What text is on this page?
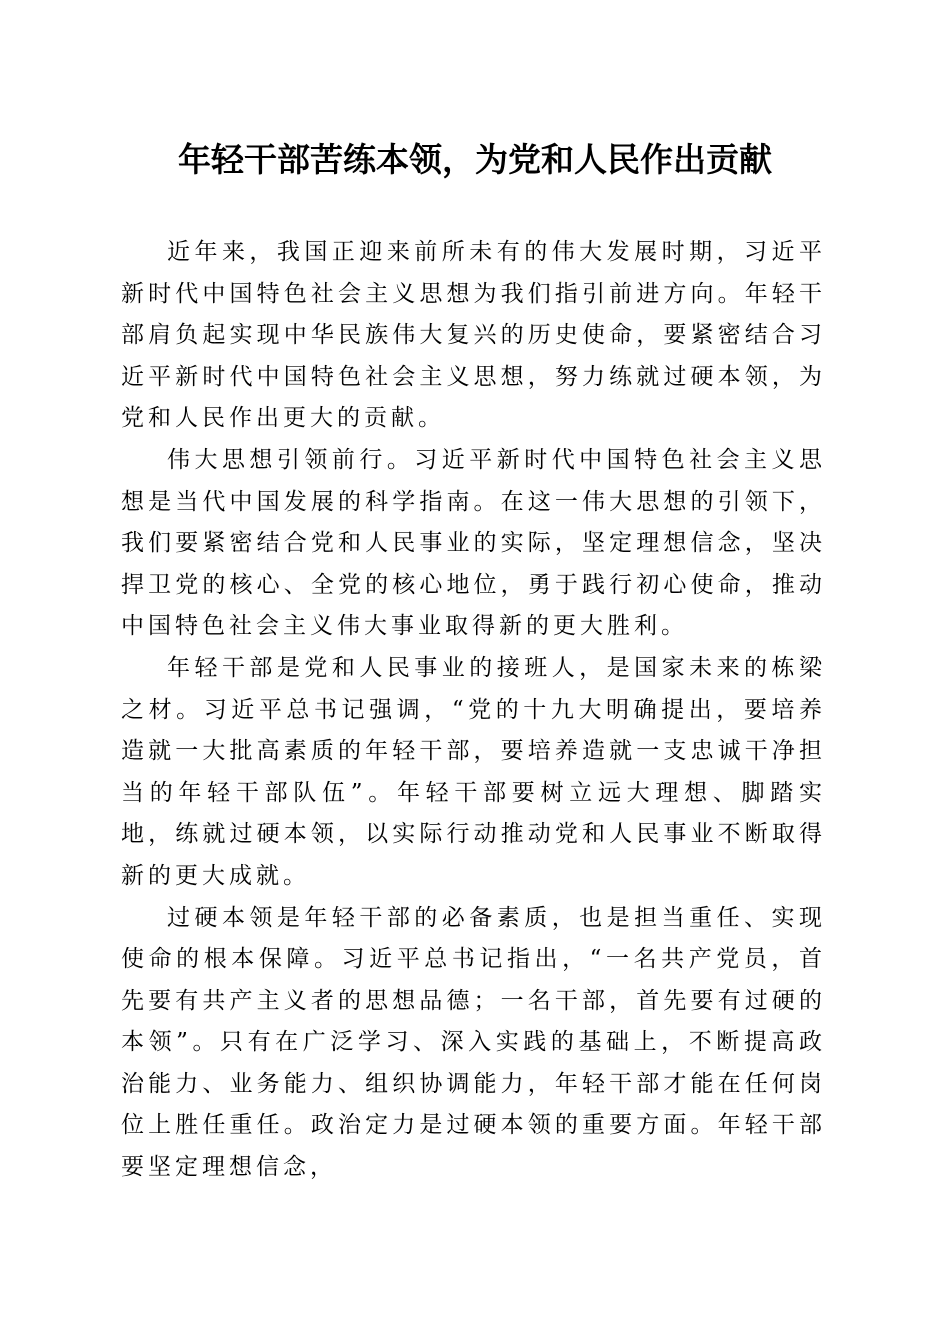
年轻干部苦练本领，为党和人民作出贡献

近年来，我国正迎来前所未有的伟大发展时期，习近平新时代中国特色社会主义思想为我们指引前进方向。年轻干部肩负起实现中华民族伟大复兴的历史使命，要紧密结合习近平新时代中国特色社会主义思想，努力练就过硬本领，为党和人民作出更大的贡献。

伟大思想引领前行。习近平新时代中国特色社会主义思想是当代中国发展的科学指南。在这一伟大思想的引领下，我们要紧密结合党和人民事业的实际，坚定理想信念，坚决捍卫党的核心、全党的核心地位，勇于践行初心使命，推动中国特色社会主义伟大事业取得新的更大胜利。

年轻干部是党和人民事业的接班人，是国家未来的栋梁之材。习近平总书记强调，“党的十九大明确提出，要培养造就一大批高素质的年轻干部，要培养造就一支忠诚干净担当的年轻干部队伍”。年轻干部要树立远大理想、脚踏实地，练就过硬本领，以实际行动推动党和人民事业不断取得新的更大成就。

过硬本领是年轻干部的必备素质，也是担当重任、实现使命的根本保障。习近平总书记指出，“一名共产党员，首先要有共产主义者的思想品德；一名干部，首先要有过硬的本领”。只有在广泛学习、深入实践的基础上，不断提高政治能力、业务能力、组织协调能力，年轻干部才能在任何岗位上胜任重任。政治定力是过硬本领的重要方面。年轻干部要坚定理想信念，
